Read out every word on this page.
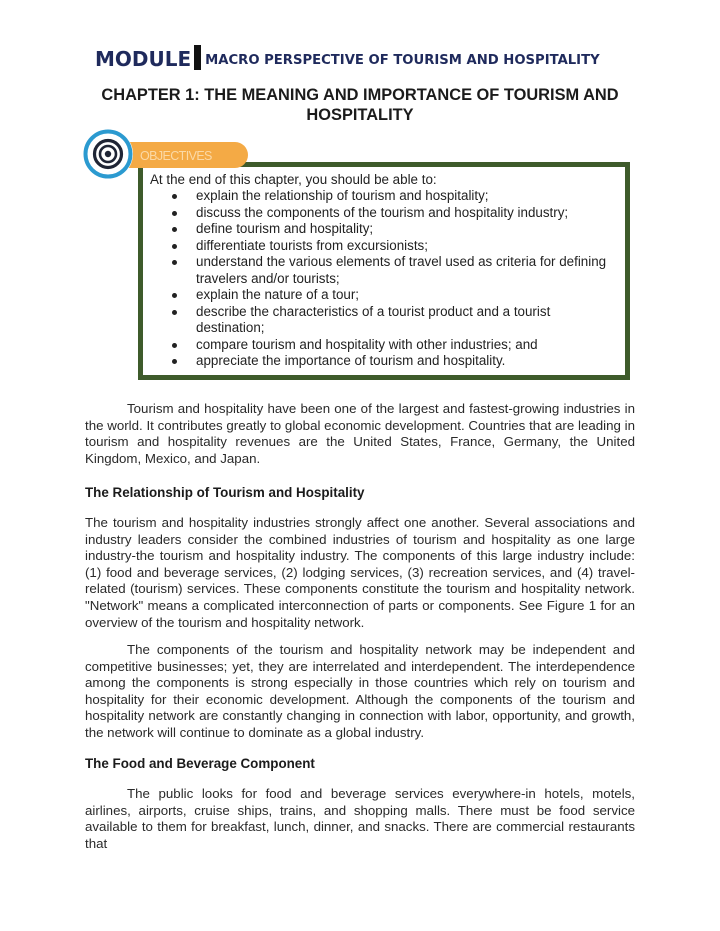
MODULE MACRO PERSPECTIVE OF TOURISM AND HOSPITALITY
CHAPTER 1: THE MEANING AND IMPORTANCE OF TOURISM AND
HOSPITALITY
OBJECTIVES
At the end of this chapter, you should be able to:
explain the relationship of tourism and hospitality;
discuss the components of the tourism and hospitality industry;
define tourism and hospitality;
differentiate tourists from excursionists;
understand the various elements of travel used as criteria for defining travelers and/or tourists;
explain the nature of a tour;
describe the characteristics of a tourist product and a tourist destination;
compare tourism and hospitality with other industries; and
appreciate the importance of tourism and hospitality.

Tourism and hospitality have been one of the largest and fastest-growing industries in the world. It contributes greatly to global economic development. Countries that are leading in tourism and hospitality revenues are the United States, France, Germany, the United Kingdom, Mexico, and Japan.

The Relationship of Tourism and Hospitality

The tourism and hospitality industries strongly affect one another. Several associations and industry leaders consider the combined industries of tourism and hospitality as one large industry-the tourism and hospitality industry. The components of this large industry include: (1) food and beverage services, (2) lodging services, (3) recreation services, and (4) travel-related (tourism) services. These components constitute the tourism and hospitality network. "Network" means a complicated interconnection of parts or components. See Figure 1 for an overview of the tourism and hospitality network.

The components of the tourism and hospitality network may be independent and competitive businesses; yet, they are interrelated and interdependent. The interdependence among the components is strong especially in those countries which rely on tourism and hospitality for their economic development. Although the components of the tourism and hospitality network are constantly changing in connection with labor, opportunity, and growth, the network will continue to dominate as a global industry.

The Food and Beverage Component

The public looks for food and beverage services everywhere-in hotels, motels, airlines, airports, cruise ships, trains, and shopping malls. There must be food service available to them for breakfast, lunch, dinner, and snacks. There are commercial restaurants that
